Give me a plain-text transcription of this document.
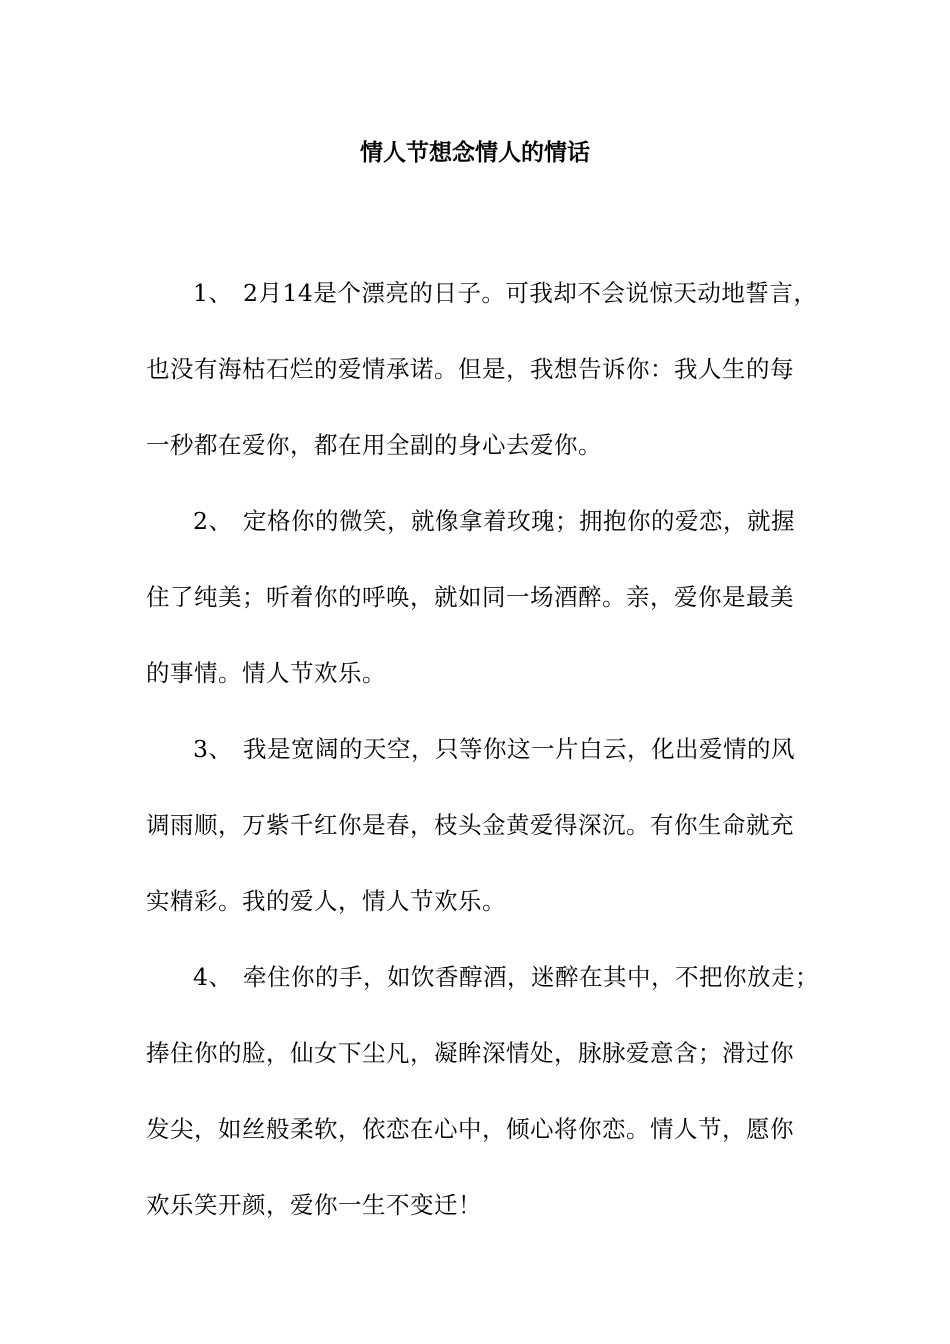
情人节想念情人的情话

1、 2月14是个漂亮的日子。可我却不会说惊天动地誓言，
也没有海枯石烂的爱情承诺。但是，我想告诉你：我人生的每
一秒都在爱你，都在用全副的身心去爱你。

2、 定格你的微笑，就像拿着玫瑰；拥抱你的爱恋，就握
住了纯美；听着你的呼唤，就如同一场酒醉。亲，爱你是最美
的事情。情人节欢乐。

3、 我是宽阔的天空，只等你这一片白云，化出爱情的风
调雨顺，万紫千红你是春，枝头金黄爱得深沉。有你生命就充
实精彩。我的爱人，情人节欢乐。

4、 牵住你的手，如饮香醇酒，迷醉在其中，不把你放走；
捧住你的脸，仙女下尘凡，凝眸深情处，脉脉爱意含；滑过你
发尖，如丝般柔软，依恋在心中，倾心将你恋。情人节，愿你
欢乐笑开颜，爱你一生不变迁！
